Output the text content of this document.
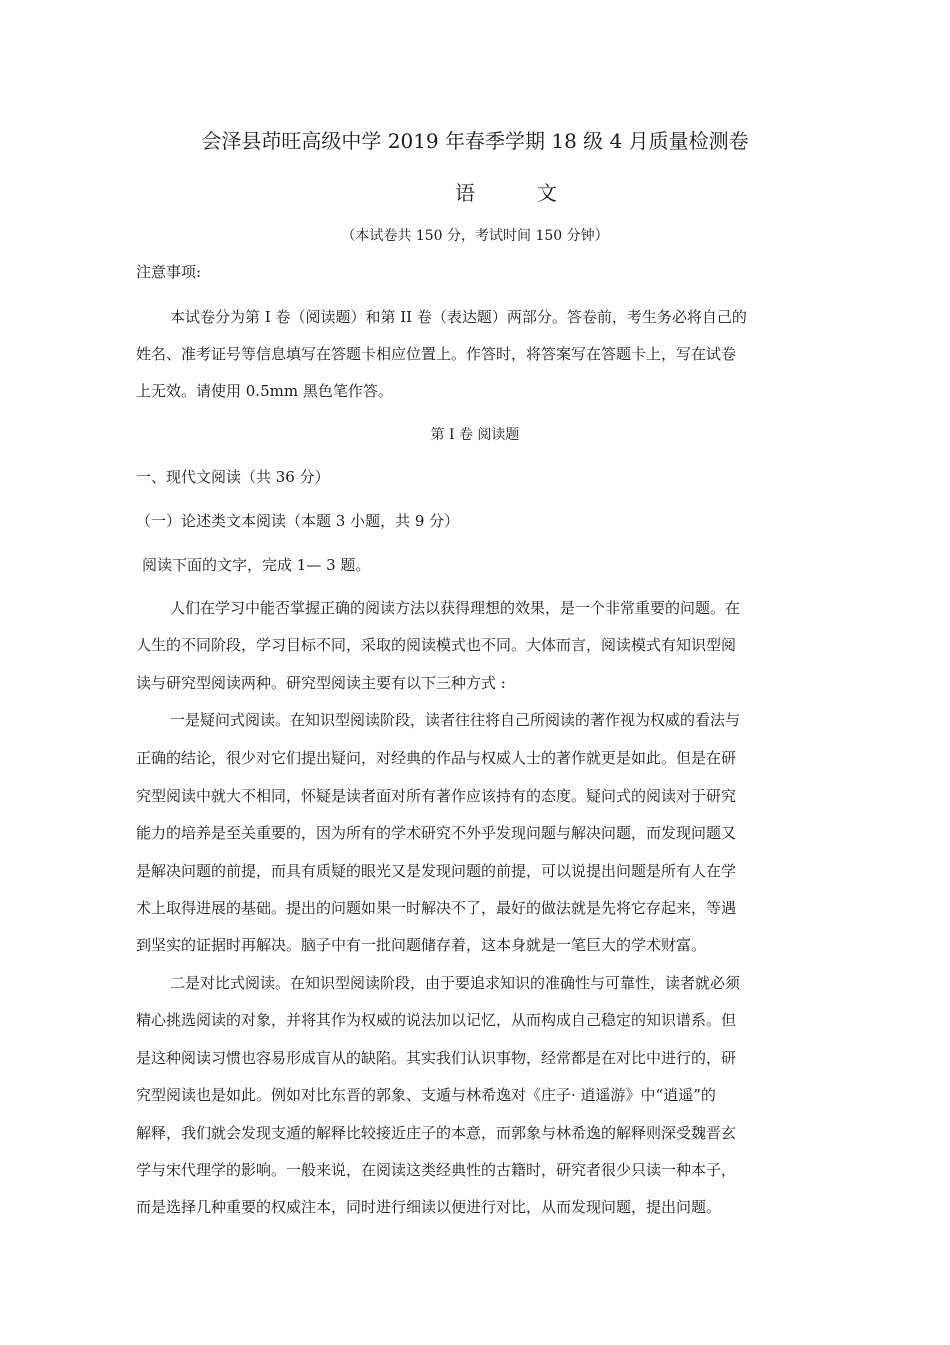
会泽县茚旺高级中学 2019 年春季学期 18 级 4 月质量检测卷
语文
（本试卷共 150 分，考试时间 150 分钟）
注意事项:
本试卷分为第 I 卷（阅读题）和第 II 卷（表达题）两部分。答卷前，考生务必将自己的
姓名、准考证号等信息填写在答题卡相应位置上。作答时，将答案写在答题卡上，写在试卷
上无效。请使用 0.5mm 黑色笔作答。
第 I 卷 阅读题
一、现代文阅读（共 36 分）
（一）论述类文本阅读（本题 3 小题，共 9 分）
阅读下面的文字，完成 1— 3 题。
人们在学习中能否掌握正确的阅读方法以获得理想的效果，是一个非常重要的问题。在
人生的不同阶段，学习目标不同，采取的阅读模式也不同。大体而言，阅读模式有知识型阅
读与研究型阅读两种。研究型阅读主要有以下三种方式 :
一是疑问式阅读。在知识型阅读阶段，读者往往将自己所阅读的著作视为权威的看法与
正确的结论，很少对它们提出疑问，对经典的作品与权威人士的著作就更是如此。但是在研
究型阅读中就大不相同，怀疑是读者面对所有著作应该持有的态度。疑问式的阅读对于研究
能力的培养是至关重要的，因为所有的学术研究不外乎发现问题与解决问题，而发现问题又
是解决问题的前提，而具有质疑的眼光又是发现问题的前提，可以说提出问题是所有人在学
术上取得进展的基础。提出的问题如果一时解决不了，最好的做法就是先将它存起来，等遇
到坚实的证据时再解决。脑子中有一批问题储存着，这本身就是一笔巨大的学术财富。
二是对比式阅读。在知识型阅读阶段，由于要追求知识的准确性与可靠性，读者就必须
精心挑选阅读的对象，并将其作为权威的说法加以记忆，从而构成自己稳定的知识谱系。但
是这种阅读习惯也容易形成盲从的缺陷。其实我们认识事物，经常都是在对比中进行的，研
究型阅读也是如此。例如对比东晋的郭象、支遁与林希逸对《庄子· 逍遥游》中“逍遥”的
解释，我们就会发现支遁的解释比较接近庄子的本意，而郭象与林希逸的解释则深受魏晋玄
学与宋代理学的影响。一般来说，在阅读这类经典性的古籍时，研究者很少只读一种本子，
而是选择几种重要的权威注本，同时进行细读以便进行对比，从而发现问题，提出问题。
